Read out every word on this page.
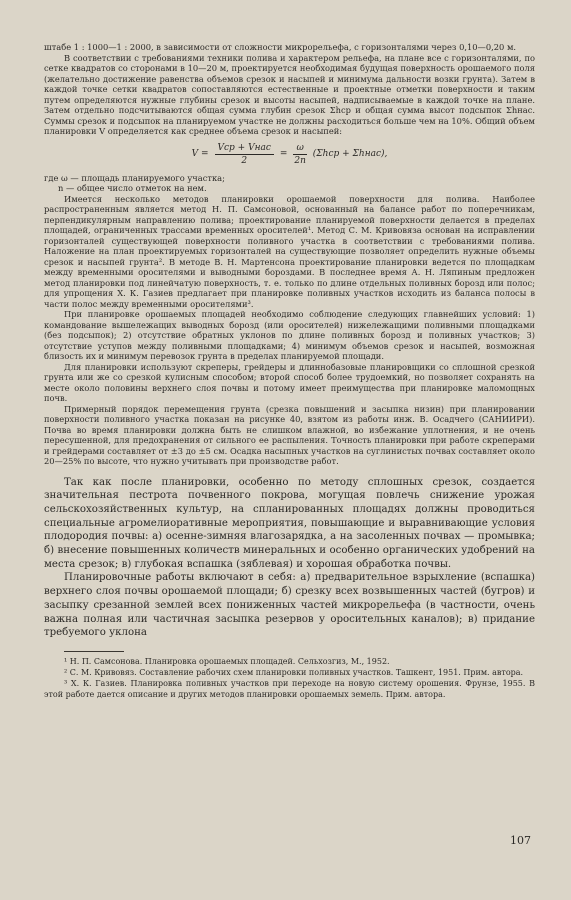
штабе 1 : 1000—1 : 2000, в зависимости от сложности микрорельефа, с горизонталями через 0,10—0,20 м.

В соответствии с требованиями техники полива и характером рельефа, на плане все с горизонталями, по сетке квадратов со сторонами в 10—20 м, проектируется необходимая будущая поверхность орошаемого поля (желательно достижение равенства объемов срезок и насыпей и минимума дальности возки грунта). Затем в каждой точке сетки квадратов сопоставляются естественные и проектные отметки поверхности и таким путем определяются нужные глубины срезок и высоты насыпей, надписываемые в каждой точке на плане. Затем отдельно подсчитываются общая сумма глубин срезок Σhср и общая сумма высот подсыпок Σhнас. Суммы срезок и подсыпок на планируемом участке не должны расходиться больше чем на 10%. Общий объем планировки V определяется как среднее объема срезок и насыпей:

$V = \frac{\text{Vср + Vнас}}{2} = \frac{\omega}{2n} (\Sigma hср$ + Σhнас),

где ω — площадь планируемого участка;

n — общее число отметок на нем.

Имеется несколько методов планировки орошаемой поверхности для полива. Наиболее распространенным является метод Н. П. Самсоновой, основанный на балансе работ по поперечникам, перпендикулярным направлению полива; проектирование планируемой поверхности делается в пределах площадей, ограниченных трассами временных оросителей¹. Метод С. М. Кривовяза основан на исправлении горизонталей существующей поверхности поливного участка в соответствии с требованиями полива. Наложение на план проектируемых горизонталей на существующие позволяет определить нужные объемы срезок и насыпей грунта². В методе В. Н. Мартенсона проектирование планировки ведется по площадкам между временными оросителями и выводными бороздами. В последнее время А. Н. Ляпиным предложен метод планировки под линейчатую поверхность, т. е. только по длине отдельных поливных борозд или полос; для упрощения Х. К. Газиев предлагает при планировке поливных участков исходить из баланса полосы в части полос между временными оросителями³.

При планировке орошаемых площадей необходимо соблюдение следующих главнейших условий: 1) командование вышележащих выводных борозд (или оросителей) нижележащими поливными площадками (без подсыпок); 2) отсутствие обратных уклонов по длине поливных борозд и поливных участков; 3) отсутствие уступов между поливными площадками; 4) минимум объемов срезок и насыпей, возможная близость их и минимум перевозок грунта в пределах планируемой площади.

Для планировки используют скреперы, грейдеры и длиннобазовые планировщики со сплошной срезкой грунта или же со срезкой кулисным способом; второй способ более трудоемкий, но позволяет сохранять на месте около половины верхнего слоя почвы и потому имеет преимущества при планировке маломощных почв.

Примерный порядок перемещения грунта (срезка повышений и засыпка низин) при планировании поверхности поливного участка показан на рисунке 40, взятом из работы инж. В. Осадчего (САНИИРИ). Почва во время планировки должна быть не слишком влажной, во избежание уплотнения, и не очень пересушенной, для предохранения от сильного ее распыления. Точность планировки при работе скреперами и грейдерами составляет от ±3 до ±5 см. Осадка насыпных участков на суглинистых почвах составляет около 20—25% по высоте, что нужно учитывать при производстве работ.

Так как после планировки, особенно по методу сплошных срезок, создается значительная пестрота почвенного покрова, могущая повлечь снижение урожая сельскохозяйственных культур, на спланированных площадях должны проводиться специальные агромелиоративные мероприятия, повышающие и выравнивающие условия плодородия почвы: а) осенне-зимняя влагозарядка, а на засоленных почвах — промывка; б) внесение повышенных количеств минеральных и особенно органических удобрений на места срезок; в) глубокая вспашка (зяблевая) и хорошая обработка почвы.

Планировочные работы включают в себя: а) предварительное взрыхление (вспашка) верхнего слоя почвы орошаемой площади; б) срезку всех возвышенных частей (бугров) и засыпку срезанной землей всех пониженных частей микрорельефа (в частности, очень важна полная или частичная засыпка резервов у оросительных каналов); в) придание требуемого уклона

¹ Н. П. Самсонова. Планировка орошаемых площадей. Сельхозгиз, М., 1952.

² С. М. Кривовяз. Составление рабочих схем планировки поливных участков. Ташкент, 1951. Прим. автора.

³ Х. К. Газиев. Планировка поливных участков при переходе на новую систему орошения. Фрунзе, 1955. В этой работе дается описание и других методов планировки орошаемых земель. Прим. автора.

107
